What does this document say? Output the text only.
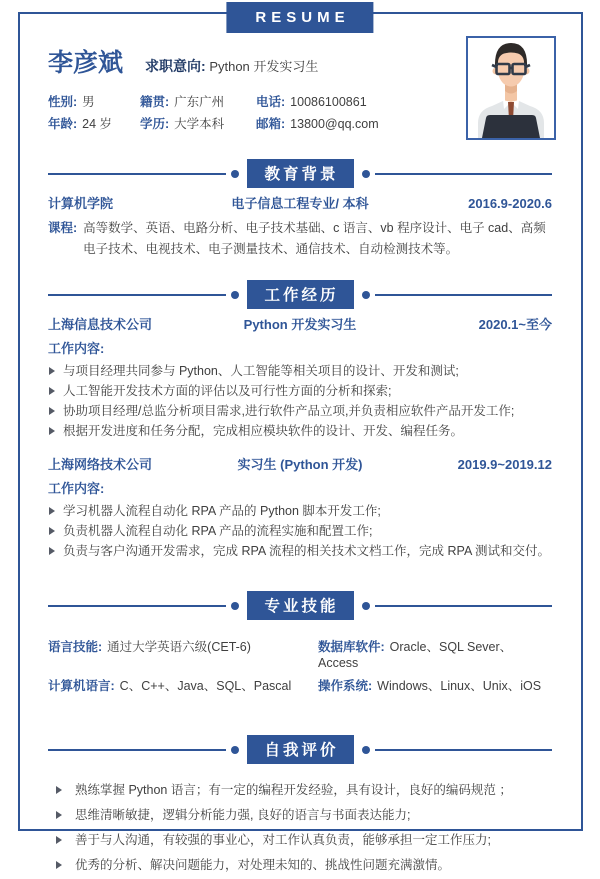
RESUME
李彦斌 求职意向: Python 开发实习生
性别: 男	籍贯: 广东广州	电话: 10086100861
年龄: 24 岁	学历: 大学本科	邮箱: 13800@qq.com
教育背景
计算机学院	电子信息工程专业/ 本科	2016.9-2020.6
课程: 高等数学、英语、电路分析、电子技术基础、c 语言、vb 程序设计、电子 cad、高频电子技术、电视技术、电子测量技术、通信技术、自动检测技术等。
工作经历
上海信息技术公司	Python 开发实习生	2020.1~至今
工作内容:
与项目经理共同参与 Python、人工智能等相关项目的设计、开发和测试;
人工智能开发技术方面的评估以及可行性方面的分析和探索;
协助项目经理/总监分析项目需求,进行软件产品立项,并负责相应软件产品开发工作;
根据开发进度和任务分配，完成相应模块软件的设计、开发、编程任务。
上海网络技术公司	实习生 (Python 开发)	2019.9~2019.12
工作内容:
学习机器人流程自动化 RPA 产品的 Python 脚本开发工作;
负责机器人流程自动化 RPA 产品的流程实施和配置工作;
负责与客户沟通开发需求，完成 RPA 流程的相关技术文档工作，完成 RPA 测试和交付。
专业技能
语言技能: 通过大学英语六级(CET-6)	数据库软件: Oracle、SQL Sever、Access
计算机语言: C、C++、Java、SQL、Pascal	操作系统: Windows、Linux、Unix、iOS
自我评价
熟练掌握 Python 语言；有一定的编程开发经验，具有设计，良好的编码规范 ；
思维清晰敏捷，逻辑分析能力强, 良好的语言与书面表达能力;
善于与人沟通，有较强的事业心，对工作认真负责，能够承担一定工作压力;
优秀的分析、解决问题能力，对处理未知的、挑战性问题充满激情。
